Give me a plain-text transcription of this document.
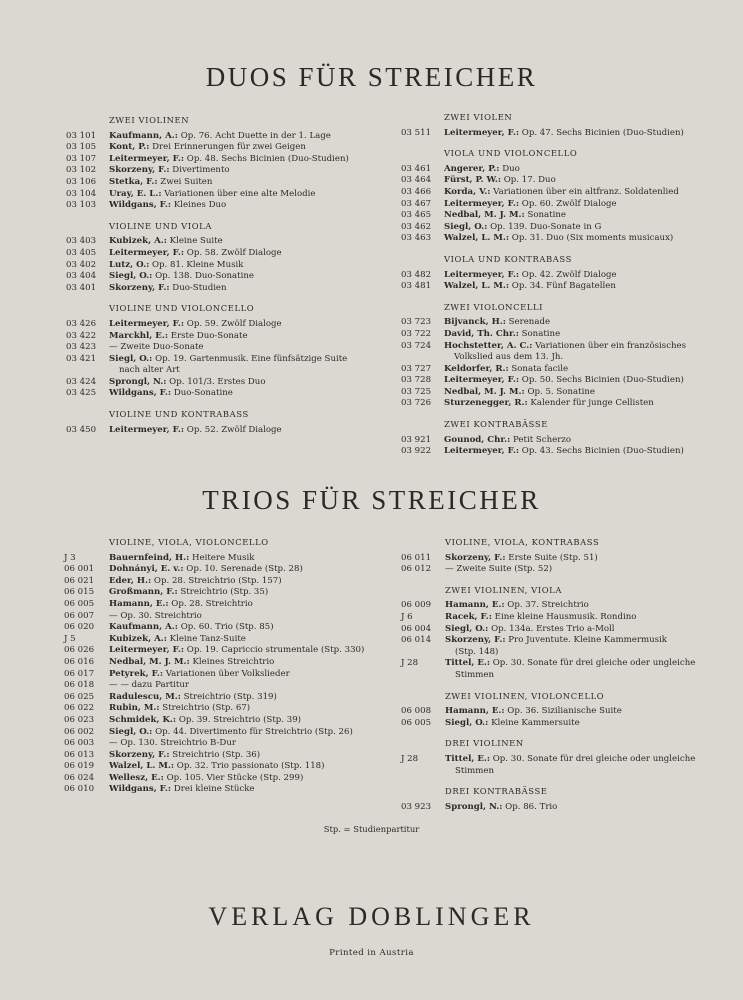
DUOS FÜR STREICHER
ZWEI VIOLINEN
03 101 Kaufmann, A.: Op. 76. Acht Duette in der 1. Lage
03 105 Kont, P.: Drei Erinnerungen für zwei Geigen
03 107 Leitermeyer, F.: Op. 48. Sechs Bicinien (Duo-Studien)
03 102 Skorzeny, F.: Divertimento
03 106 Stetka, F.: Zwei Suiten
03 104 Uray, E. L.: Variationen über eine alte Melodie
03 103 Wildgans, F.: Kleines Duo
VIOLINE UND VIOLA
03 403 Kubizek, A.: Kleine Suite
03 405 Leitermeyer, F.: Op. 58. Zwölf Dialoge
03 402 Lutz, O.: Op. 81. Kleine Musik
03 404 Siegl, O.: Op. 138. Duo-Sonatine
03 401 Skorzeny, F.: Duo-Studien
VIOLINE UND VIOLONCELLO
03 426 Leitermeyer, F.: Op. 59. Zwölf Dialoge
03 422 Marckhl, E.: Erste Duo-Sonate
03 423 — Zweite Duo-Sonate
03 421 Siegl, O.: Op. 19. Gartenmusik. Eine fünfsätzige Suite
nach alter Art
03 424 Sprongl, N.: Op. 101/3. Erstes Duo
03 425 Wildgans, F.: Duo-Sonatine
VIOLINE UND KONTRABASS
03 450 Leitermeyer, F.: Op. 52. Zwölf Dialoge
ZWEI VIOLEN
03 511 Leitermeyer, F.: Op. 47. Sechs Bicinien (Duo-Studien)
VIOLA UND VIOLONCELLO
03 461 Angerer, P.: Duo
03 464 Fürst, P. W.: Op. 17. Duo
03 466 Korda, V.: Variationen über ein altfranz. Soldatenlied
03 467 Leitermeyer, F.: Op. 60. Zwölf Dialoge
03 465 Nedbal, M. J. M.: Sonatine
03 462 Siegl, O.: Op. 139. Duo-Sonate in G
03 463 Walzel, L. M.: Op. 31. Duo (Six moments musicaux)
VIOLA UND KONTRABASS
03 482 Leitermeyer, F.: Op. 42. Zwölf Dialoge
03 481 Walzel, L. M.: Op. 34. Fünf Bagatellen
ZWEI VIOLONCELLI
03 723 Bijvanck, H.: Serenade
03 722 David, Th. Chr.: Sonatine
03 724 Hochstetter, A. C.: Variationen über ein französisches
Volkslied aus dem 13. Jh.
03 727 Keldorfer, R.: Sonata facile
03 728 Leitermeyer, F.: Op. 50. Sechs Bicinien (Duo-Studien)
03 725 Nedbal, M. J. M.: Op. 5. Sonatine
03 726 Sturzenegger, R.: Kalender für junge Cellisten
ZWEI KONTRABÄSSE
03 921 Gounod, Chr.: Petit Scherzo
03 922 Leitermeyer, F.: Op. 43. Sechs Bicinien (Duo-Studien)
TRIOS FÜR STREICHER
VIOLINE, VIOLA, VIOLONCELLO
J 3	Bauernfeind, H.: Heitere Musik
06 001 Dohnányi, E. v.: Op. 10. Serenade (Stp. 28)
06 021 Eder, H.: Op. 28. Streichtrio (Stp. 157)
06 015 Großmann, F.: Streichtrio (Stp. 35)
06 005 Hamann, E.: Op. 28. Streichtrio
06 007 — Op. 30. Streichtrio
06 020 Kaufmann, A.: Op. 60. Trio (Stp. 85)
J 5	Kubizek, A.: Kleine Tanz-Suite
06 026 Leitermeyer, F.: Op. 19. Capriccio strumentale (Stp. 330)
06 016 Nedbal, M. J. M.: Kleines Streichtrio
06 017 Petyrek, F.: Variationen über Volkslieder
06 018 — — dazu Partitur
06 025 Radulescu, M.: Streichtrio (Stp. 319)
06 022 Rubin, M.: Streichtrio (Stp. 67)
06 023 Schmidek, K.: Op. 39. Streichtrio (Stp. 39)
06 002 Siegl, O.: Op. 44. Divertimento für Streichtrio (Stp. 26)
06 003 — Op. 130. Streichtrio B-Dur
06 013 Skorzeny, F.: Streichtrio (Stp. 36)
06 019 Walzel, L. M.: Op. 32. Trio passionato (Stp. 118)
06 024 Wellesz, E.: Op. 105. Vier Stücke (Stp. 299)
06 010 Wildgans, F.: Drei kleine Stücke
VIOLINE, VIOLA, KONTRABASS
06 011 Skorzeny, F.: Erste Suite (Stp. 51)
06 012 — Zweite Suite (Stp. 52)
ZWEI VIOLINEN, VIOLA
06 009 Hamann, E.: Op. 37. Streichtrio
J 6	Racek, F.: Eine kleine Hausmusik. Rondino
06 004 Siegl, O.: Op. 134a. Erstes Trio a-Moll
06 014 Skorzeny, F.: Pro Juventute. Kleine Kammermusik
(Stp. 148)
J 28	Tittel, E.: Op. 30. Sonate für drei gleiche oder ungleiche
Stimmen
ZWEI VIOLINEN, VIOLONCELLO
06 008 Hamann, E.: Op. 36. Sizilianische Suite
06 005 Siegl, O.: Kleine Kammersuite
DREI VIOLINEN
J 28	Tittel, E.: Op. 30. Sonate für drei gleiche oder ungleiche
Stimmen
DREI KONTRABÄSSE
03 923 Sprongl, N.: Op. 86. Trio
Stp. = Studienpartitur
VERLAG DOBLINGER
Printed in Austria
